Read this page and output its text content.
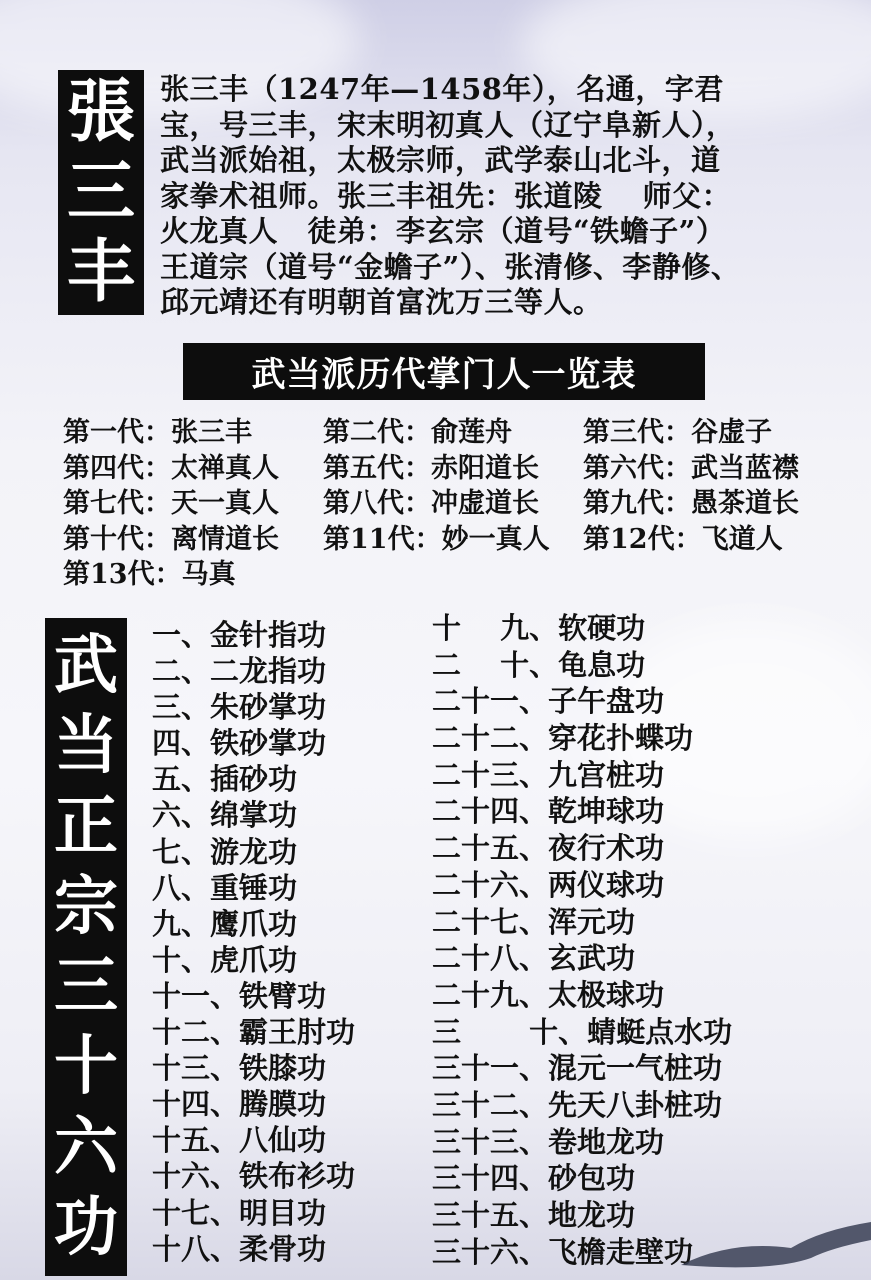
張
三
丰
张三丰（1247年—1458年），名通，字君
宝，号三丰，宋末明初真人（辽宁阜新人），
武当派始祖，太极宗师，武学泰山北斗，道
家拳术祖师。张三丰祖先：张道陵　 师父：
火龙真人　徒弟：李玄宗（道号“铁蟾子”）
王道宗（道号“金蟾子”）、张清修、李静修、
邱元靖还有明朝首富沈万三等人。
武当派历代掌门人一览表
第一代：张三丰	第二代：俞莲舟	第三代：谷虚子
第四代：太禅真人 第五代：赤阳道长 第六代：武当蓝襟
第七代：天一真人 第八代：冲虚道长 第九代：愚茶道长
第十代：离情道长 第11代：妙一真人 第12代：飞道人
第13代：马真
武
当
正
宗
三
十
六
功
一、金针指功
二、二龙指功
三、朱砂掌功
四、铁砂掌功
五、插砂功
六、绵掌功
七、游龙功
八、重锤功
九、鹰爪功
十、虎爪功
十一、铁臂功
十二、霸王肘功
十三、铁膝功
十四、腾膜功
十五、八仙功
十六、铁布衫功
十七、明目功
十八、柔骨功
十　 九、软硬功
二　 十、龟息功
二十一、子午盘功
二十二、穿花扑蝶功
二十三、九宫桩功
二十四、乾坤球功
二十五、夜行术功
二十六、两仪球功
二十七、浑元功
二十八、玄武功
二十九、太极球功
三　　 十、蜻蜓点水功
三十一、混元一气桩功
三十二、先天八卦桩功
三十三、卷地龙功
三十四、砂包功
三十五、地龙功
三十六、飞檐走壁功
